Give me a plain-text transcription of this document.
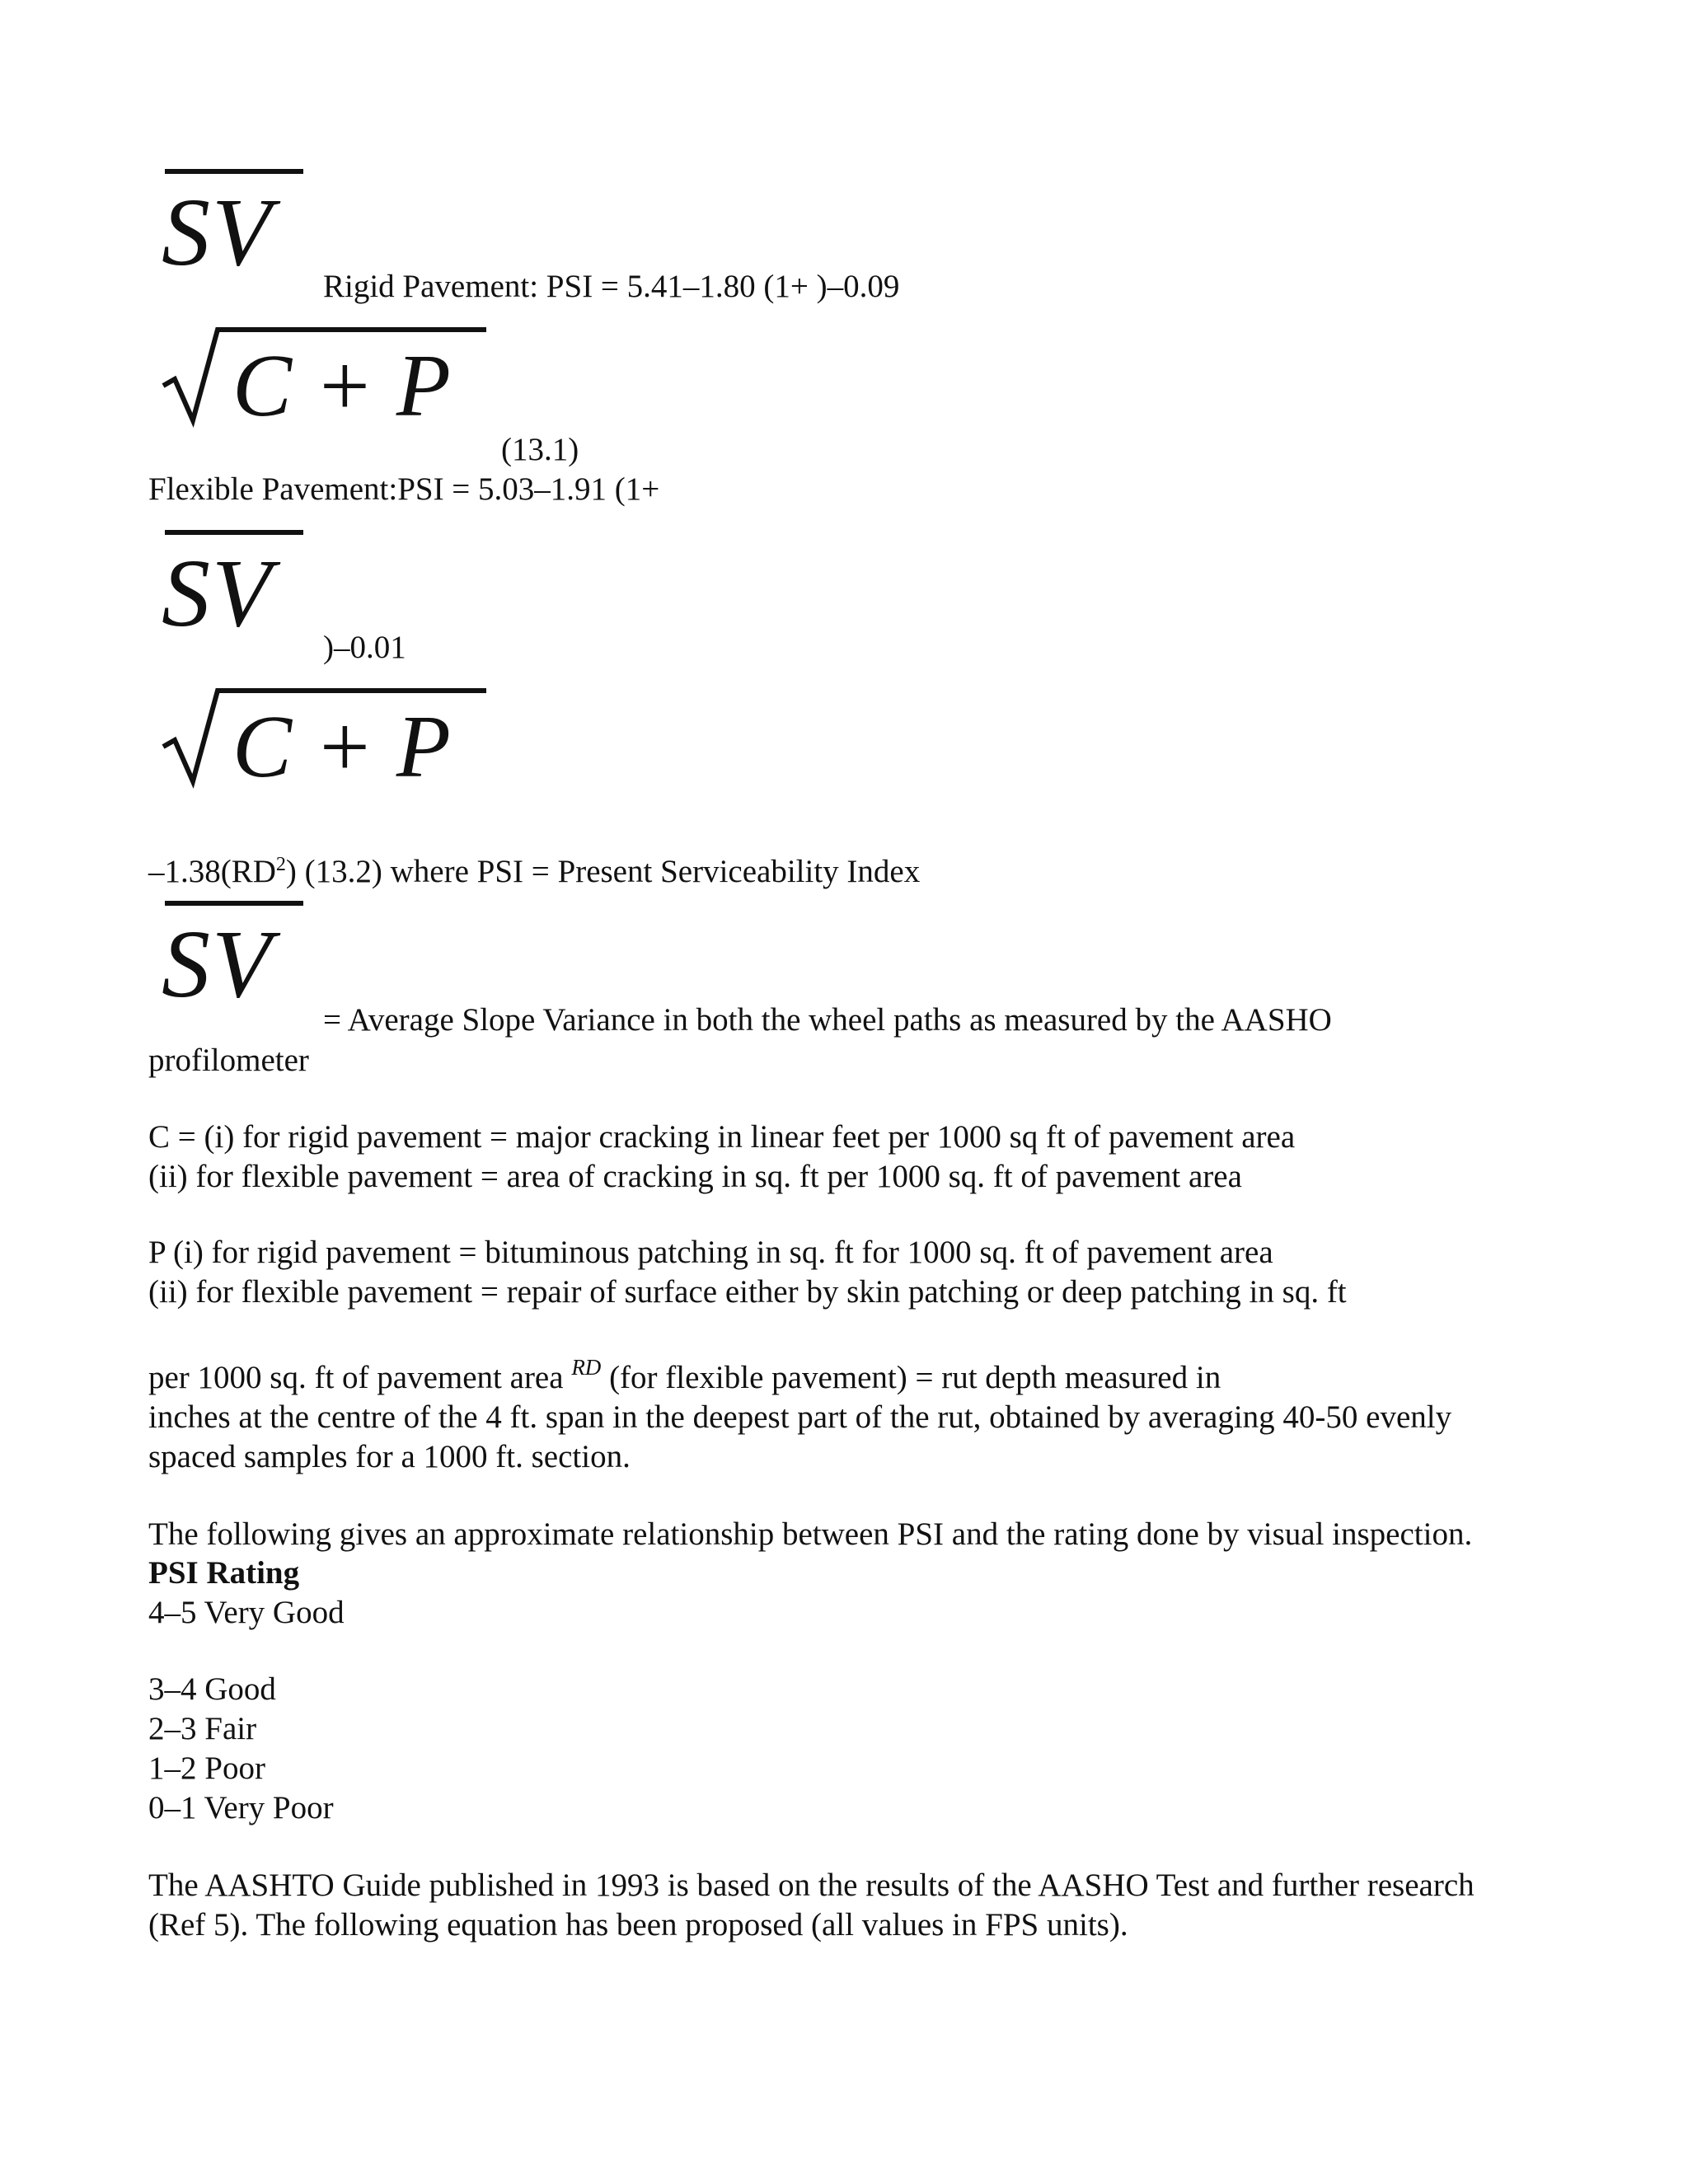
SV
Rigid Pavement: PSI = 5.41–1.80 (1+ )–0.09
C + P
(13.1)
Flexible Pavement:PSI = 5.03–1.91 (1+
SV
)–0.01
C + P
$-1.38(RD^2)$ (13.2) where PSI = Present Serviceability Index
SV
= Average Slope Variance in both the wheel paths as measured by the AASHO
profilometer
C = (i) for rigid pavement = major cracking in linear feet per 1000 sq ft of pavement area
(ii) for flexible pavement = area of cracking in sq. ft per 1000 sq. ft of pavement area
P (i) for rigid pavement = bituminous patching in sq. ft for 1000 sq. ft of pavement area
(ii) for flexible pavement = repair of surface either by skin patching or deep patching in sq. ft
per 1000 sq. ft of pavement area $^{RD}$ (for flexible pavement) = rut depth measured in
inches at the centre of the 4 ft. span in the deepest part of the rut, obtained by averaging 40-50 evenly
spaced samples for a 1000 ft. section.
The following gives an approximate relationship between PSI and the rating done by visual inspection.
PSI Rating
4–5 Very Good
3–4 Good
2–3 Fair
1–2 Poor
0–1 Very Poor
The AASHTO Guide published in 1993 is based on the results of the AASHO Test and further research
(Ref 5). The following equation has been proposed (all values in FPS units).
